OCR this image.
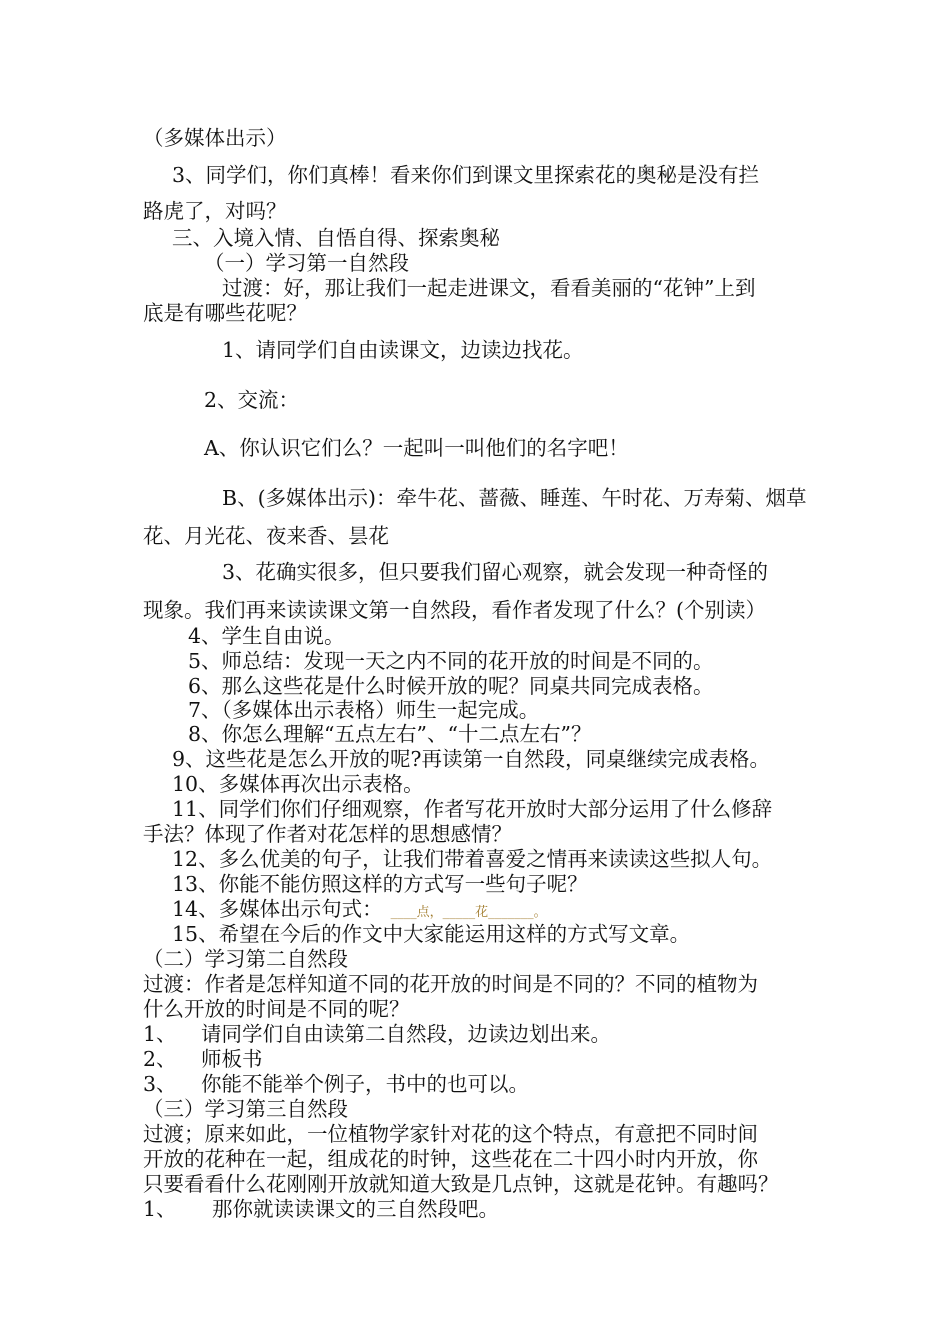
（多媒体出示）
3、同学们，你们真棒！看来你们到课文里探索花的奥秘是没有拦
路虎了，对吗？
三、入境入情、自悟自得、探索奥秘
（一）学习第一自然段
过渡：好，那让我们一起走进课文，看看美丽的“花钟”上到
底是有哪些花呢？
1、请同学们自由读课文，边读边找花。
2、交流：
A、你认识它们么？一起叫一叫他们的名字吧！
B、(多媒体出示)：牵牛花、蔷薇、睡莲、午时花、万寿菊、烟草
花、月光花、夜来香、昙花
3、花确实很多，但只要我们留心观察，就会发现一种奇怪的
现象。我们再来读读课文第一自然段，看作者发现了什么？(个别读）
4、学生自由说。
5、师总结：发现一天之内不同的花开放的时间是不同的。
6、那么这些花是什么时候开放的呢？同桌共同完成表格。
7、（多媒体出示表格）师生一起完成。
8、你怎么理解“五点左右”、“十二点左右”？
9、这些花是怎么开放的呢?再读第一自然段，同桌继续完成表格。
10、多媒体再次出示表格。
11、同学们你们仔细观察，作者写花开放时大部分运用了什么修辞
手法？体现了作者对花怎样的思想感情？
12、多么优美的句子，让我们带着喜爱之情再来读读这些拟人句。
13、你能不能仿照这样的方式写一些句子呢？
14、多媒体出示句式： ____点，_____花_______。
15、希望在今后的作文中大家能运用这样的方式写文章。
（二）学习第二自然段
过渡：作者是怎样知道不同的花开放的时间是不同的？不同的植物为
什么开放的时间是不同的呢？
1、 请同学们自由读第二自然段，边读边划出来。
2、 师板书
3、 你能不能举个例子，书中的也可以。
（三）学习第三自然段
过渡；原来如此，一位植物学家针对花的这个特点，有意把不同时间
开放的花种在一起，组成花的时钟，这些花在二十四小时内开放，你
只要看看什么花刚刚开放就知道大致是几点钟，这就是花钟。有趣吗？
1、 那你就读读课文的三自然段吧。
